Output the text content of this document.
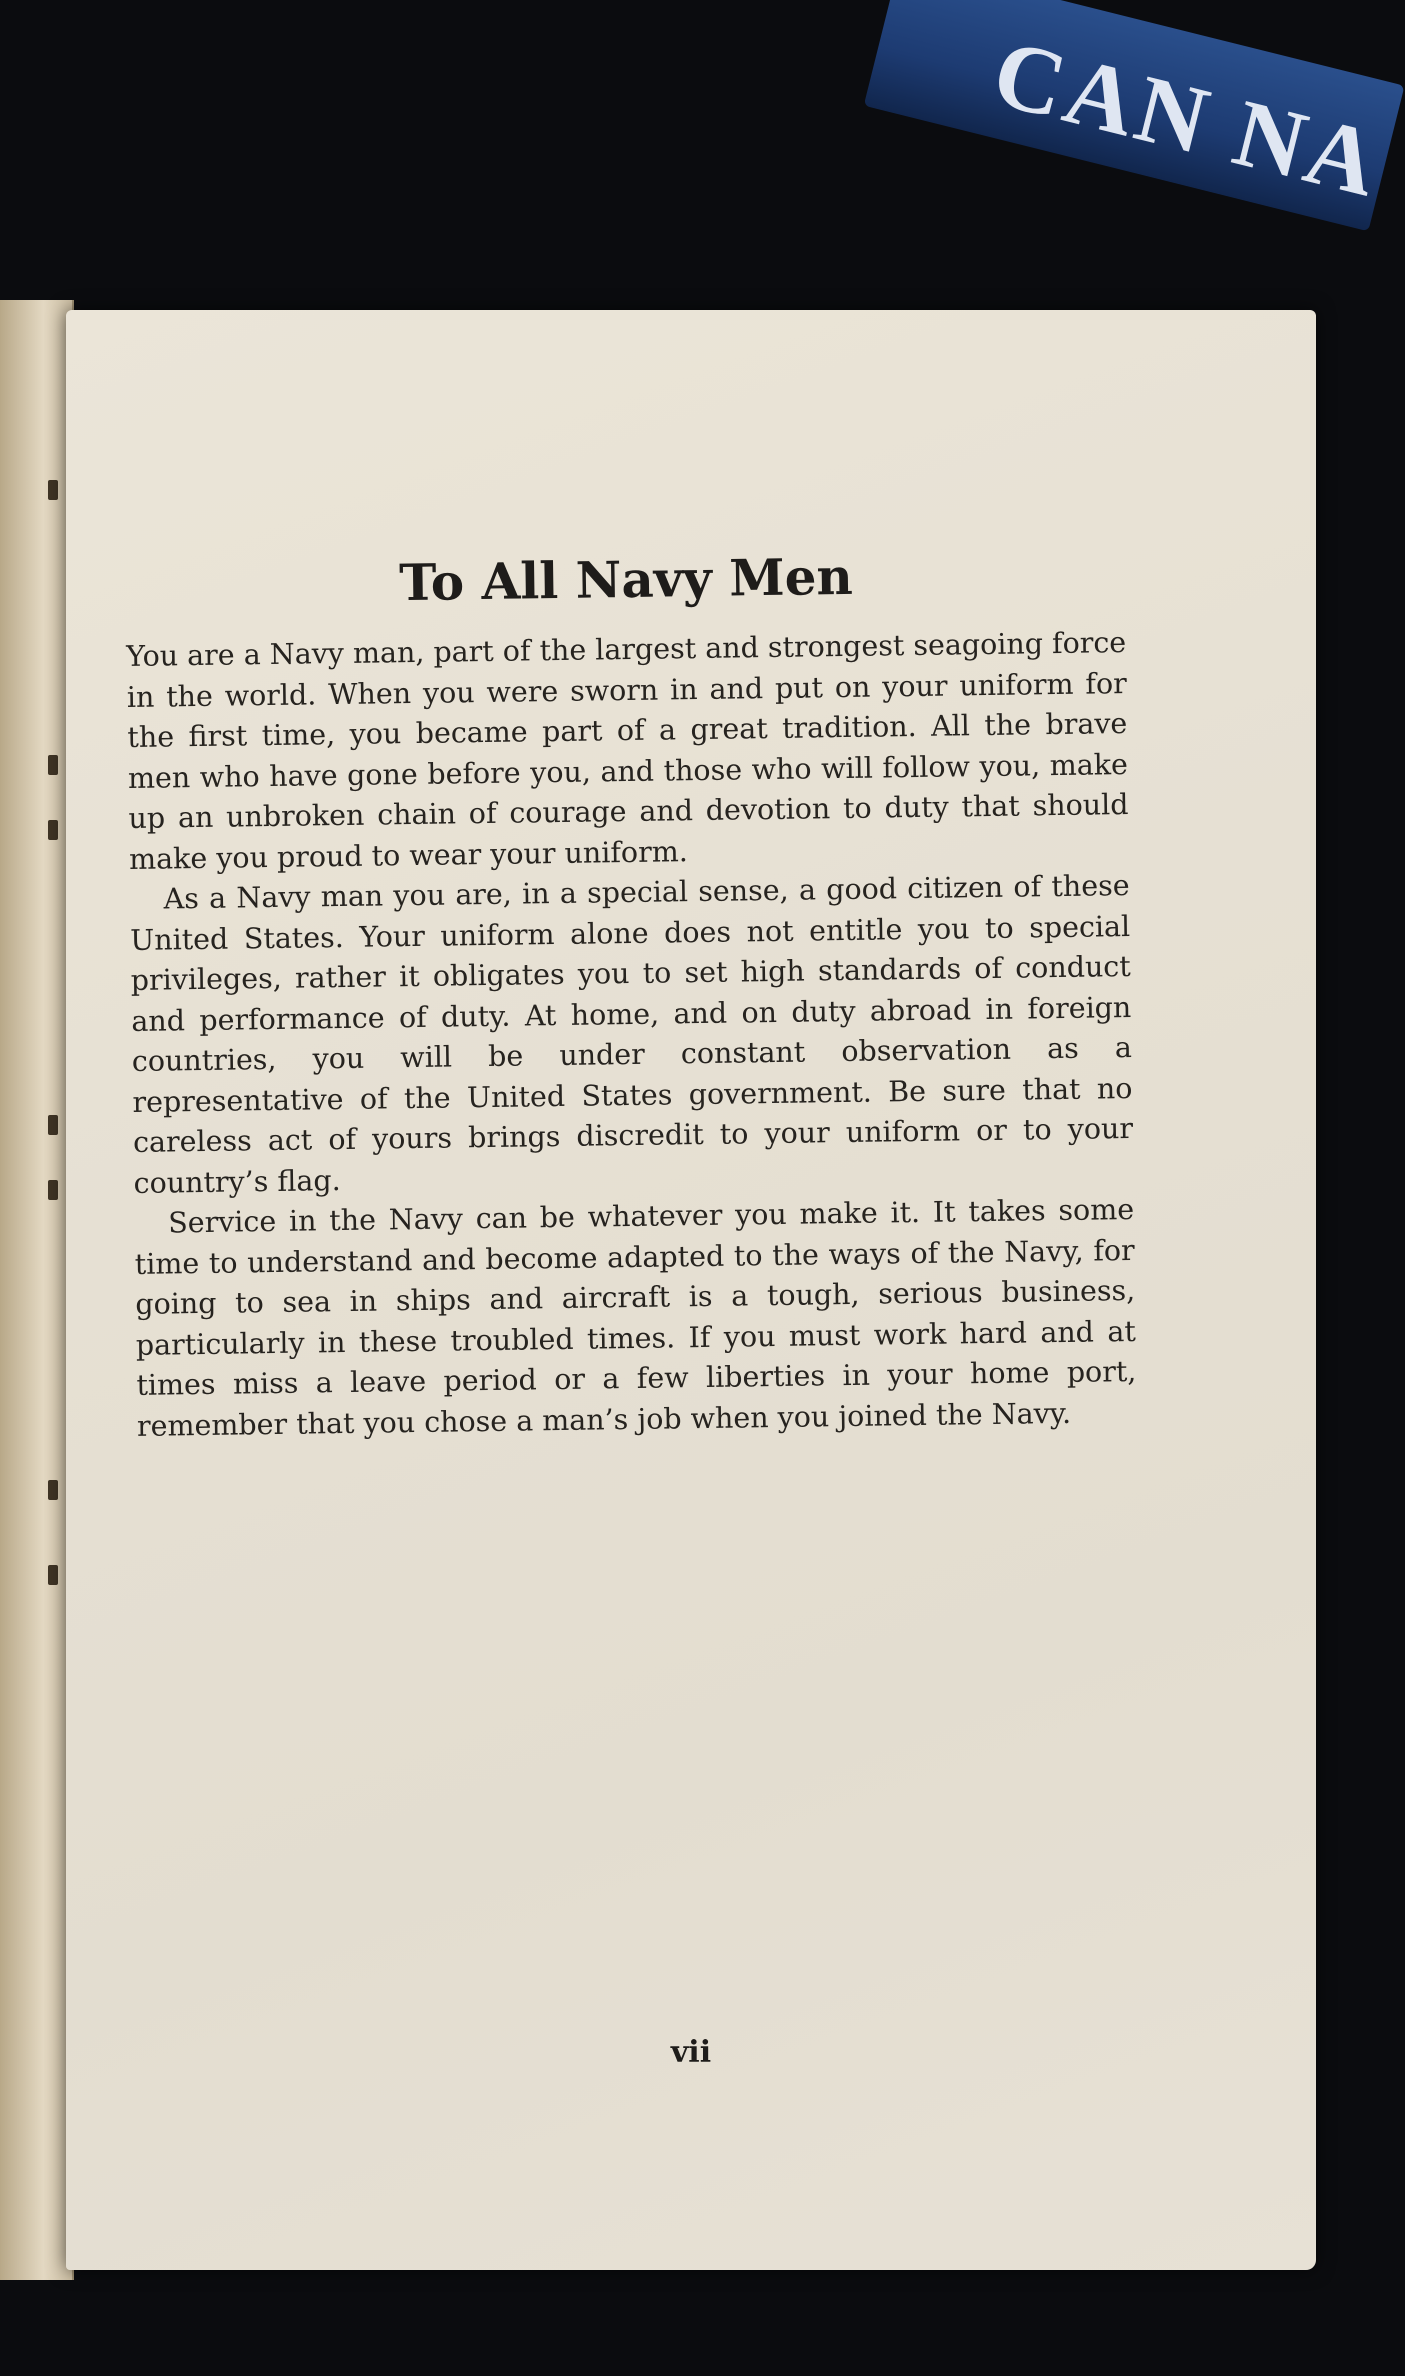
CAN NA
To All Navy Men

You are a Navy man, part of the largest and strongest seagoing force in the world. When you were sworn in and put on your uniform for the first time, you became part of a great tradition. All the brave men who have gone before you, and those who will follow you, make up an unbroken chain of courage and devotion to duty that should make you proud to wear your uniform.

As a Navy man you are, in a special sense, a good citizen of these United States. Your uniform alone does not entitle you to special privileges, rather it obligates you to set high standards of conduct and performance of duty. At home, and on duty abroad in foreign countries, you will be under constant observation as a representative of the United States government. Be sure that no careless act of yours brings discredit to your uniform or to your country’s flag.

Service in the Navy can be whatever you make it. It takes some time to understand and become adapted to the ways of the Navy, for going to sea in ships and aircraft is a tough, serious business, particularly in these troubled times. If you must work hard and at times miss a leave period or a few liberties in your home port, remember that you chose a man’s job when you joined the Navy.

vii
